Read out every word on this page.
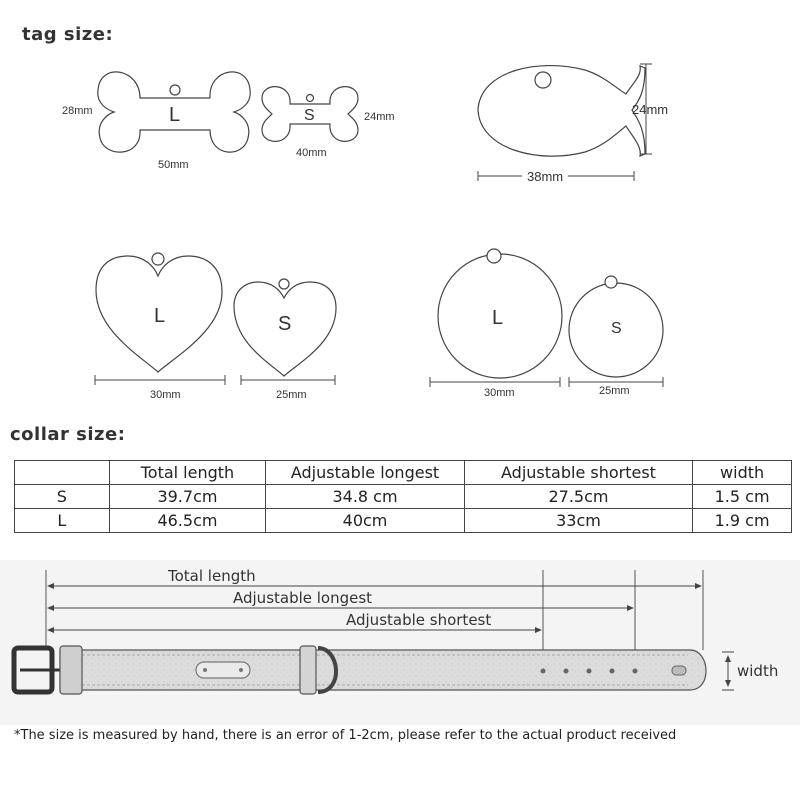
tag size:
L
28mm
50mm
S	24mm
40mm
24mm
38mm
L
30mm
S
25mm
L
30mm
S
25mm
collar size:
	Total length	Adjustable longest	Adjustable shortest	width
S	39.7cm	34.8 cm	27.5cm	1.5 cm
L	46.5cm	40cm	33cm	1.9 cm
Total length
Adjustable longest
Adjustable shortest
width
*The size is measured by hand, there is an error of 1-2cm, please refer to the actual product received
